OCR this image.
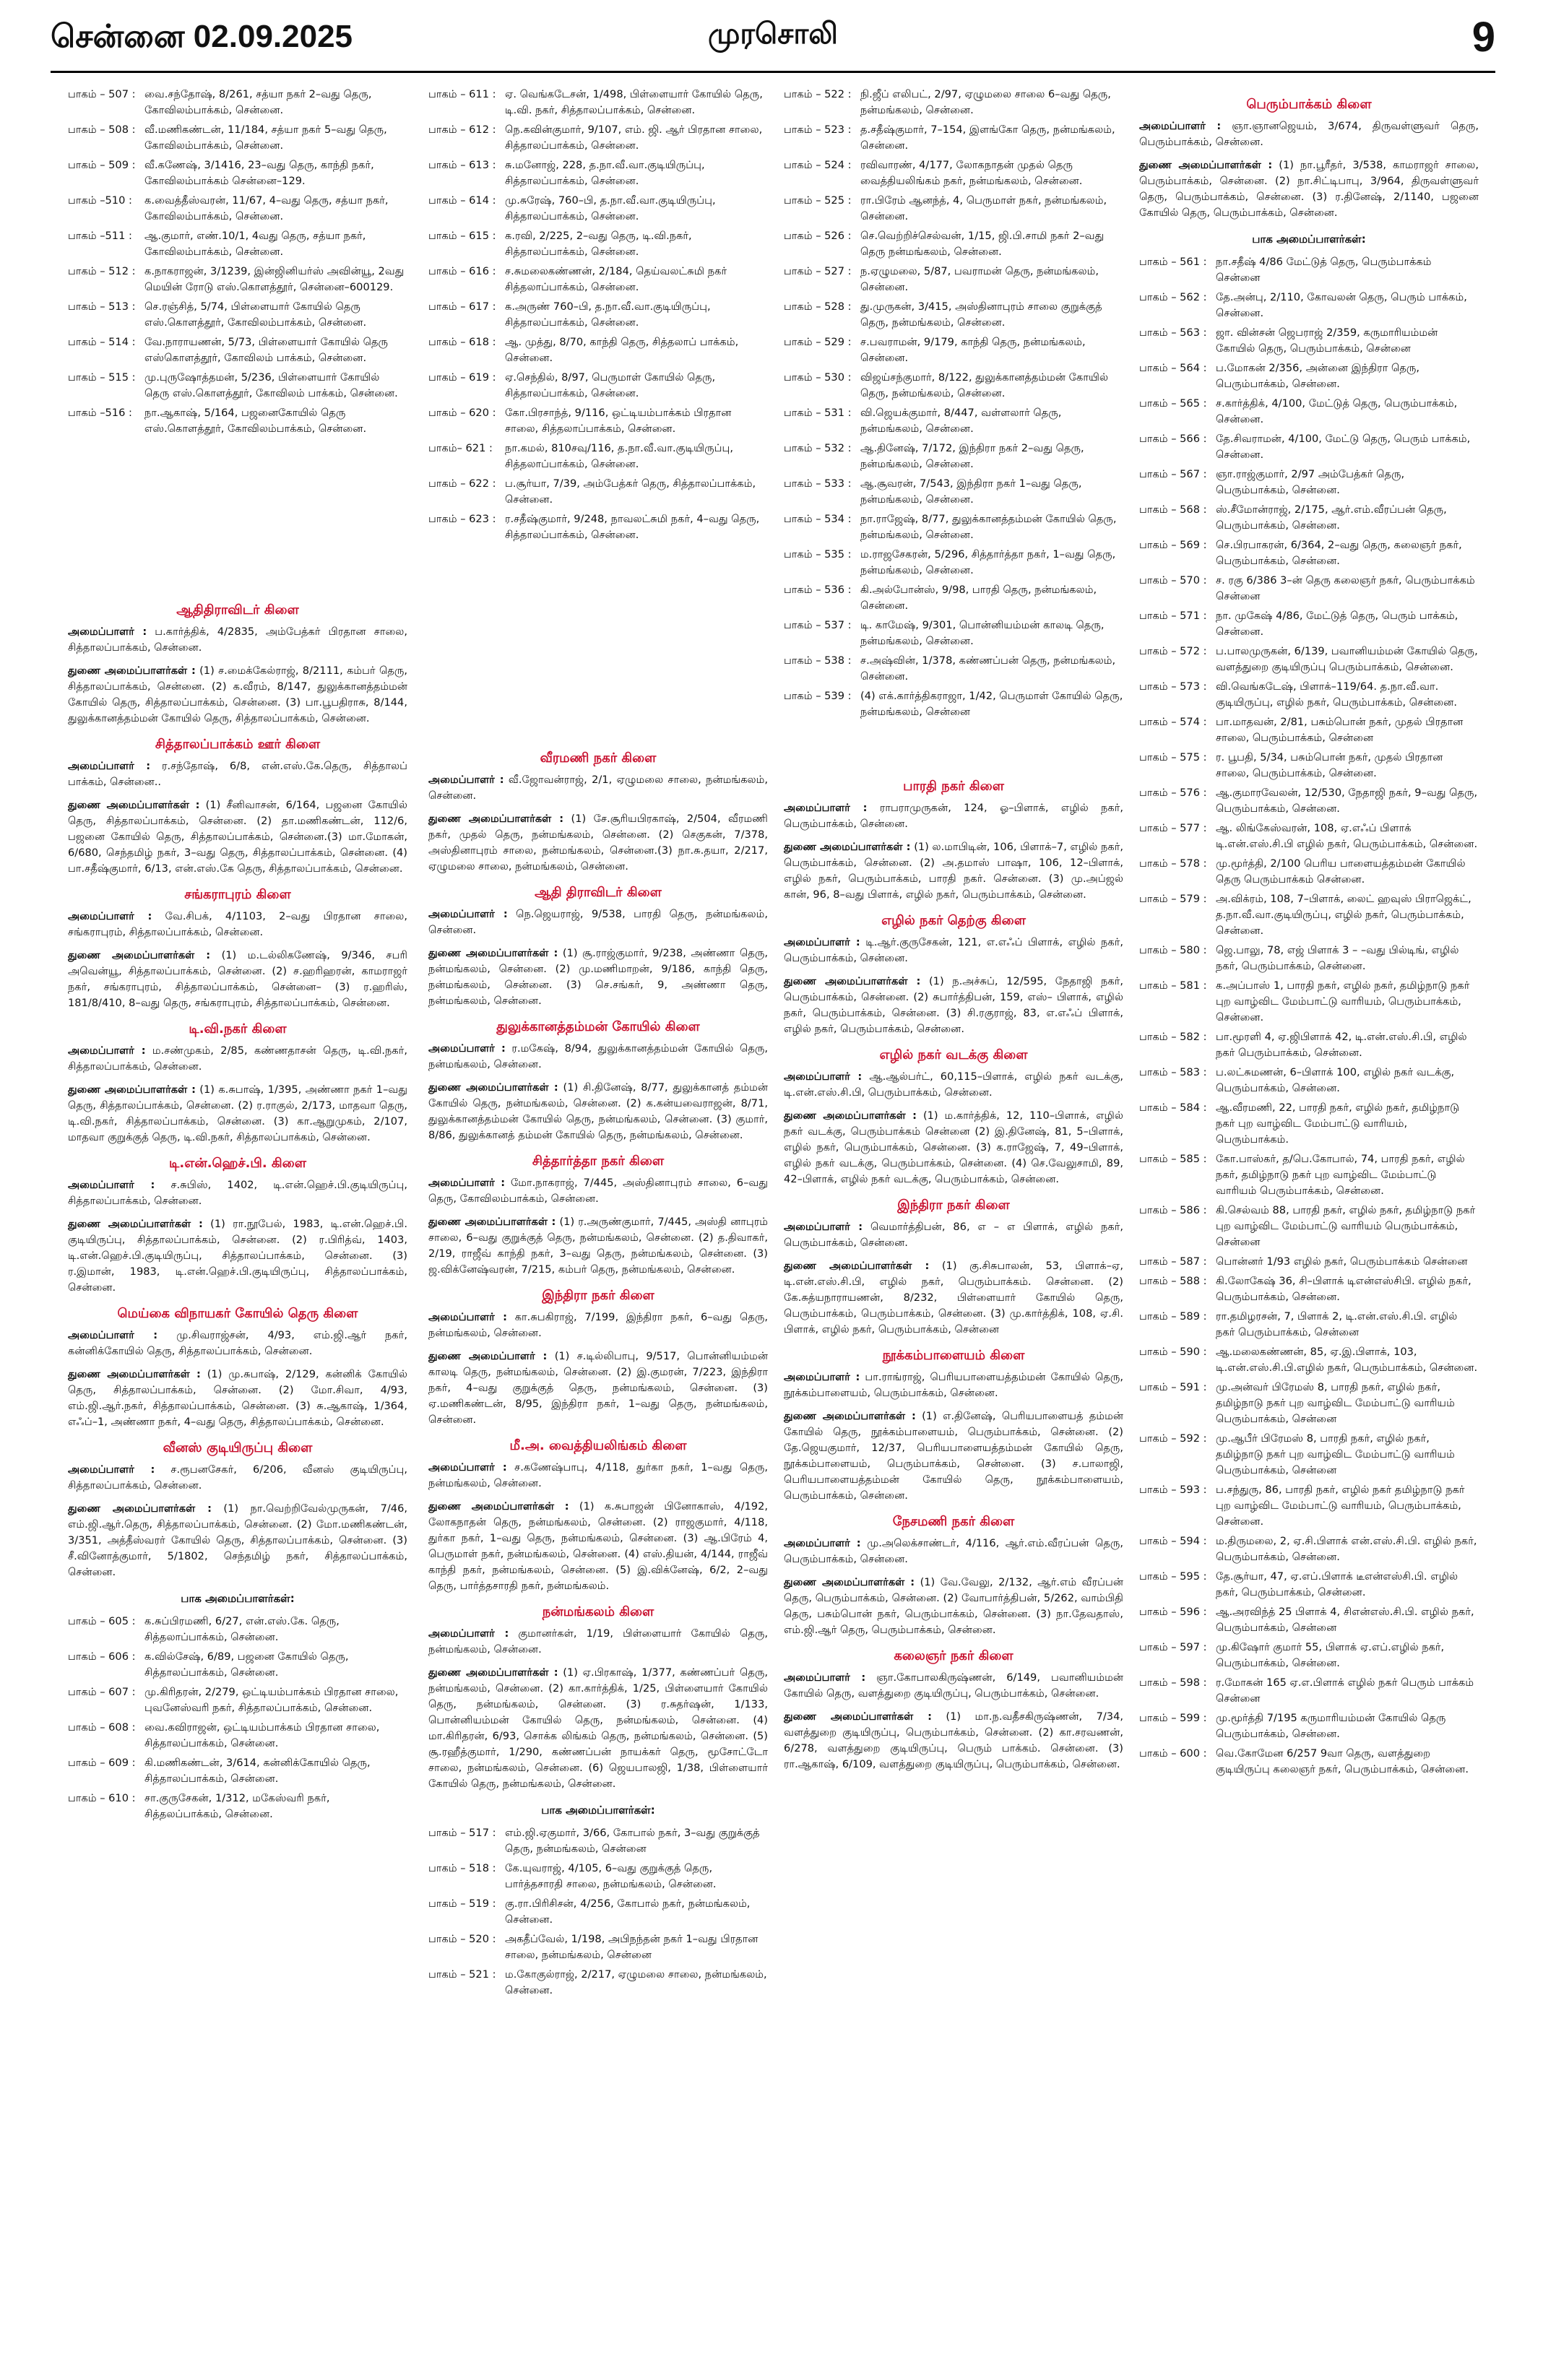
சென்னை 02.09.2025	முரசொலி	9
பாகம் – 507 : வை.சந்தோஷ், 8/261, சத்யா நகர் 2–வது தெரு, கோவிலம்பாக்கம், சென்னை.
பாகம் – 508 : வீ.மணிகண்டன், 11/184, சத்யா நகர் 5–வது தெரு, கோவிலம்பாக்கம், சென்னை.
பாகம் – 509 : வீ.கணேஷ், 3/1416, 23–வது தெரு, காந்தி நகர், கோவிலம்பாக்கம் சென்னை–129.
பாகம் –510 :	க.வைத்தீஸ்வரன், 11/67, 4–வது தெரு, சத்யா நகர், கோவிலம்பாக்கம், சென்னை.
பாகம் –511 :	ஆ.குமார், எண்.10/1, 4வது தெரு, சத்யா நகர், கோவிலம்பாக்கம், சென்னை.
பாகம் – 512 : க.நாகராஜன், 3/1239, இன்ஜினியர்ஸ் அவின்யூ, 2வது மெயின் ரோடு எஸ்.கொளத்தூர், சென்னை–600129.
பாகம் – 513 : செ.ரஞ்சித், 5/74, பிள்ளையார் கோயில் தெரு எஸ்.கொளத்தூர், கோவிலம்பாக்கம், சென்னை.
பாகம் – 514 : வே.நாராயணன், 5/73, பிள்ளையார் கோயில் தெரு எஸ்கொளத்தூர், கோவிலம் பாக்கம், சென்னை.
பாகம் – 515 : மு.புருஷோத்தமன், 5/236, பிள்ளையார் கோயில் தெரு எஸ்.கொளத்தூர், கோவிலம் பாக்கம், சென்னை.
பாகம் –516 :	நா.ஆகாஷ், 5/164, பஜனைகோயில் தெரு எஸ்.கொளத்தூர், கோவிலம்பாக்கம், சென்னை.
ஆதிதிராவிடர் கிளை
அமைப்பாளர் : ப.கார்த்திக், 4/2835, அம்பேத்கர் பிரதான சாலை, சித்தாலப்பாக்கம், சென்னை.
துணை அமைப்பாளர்கள் : (1) ச.மைக்கேல்ராஜ், 8/2111, கம்பர் தெரு, சித்தாலப்பாக்கம், சென்னை. (2) க.வீரம், 8/147, துலுக்கானத்தம்மன் கோயில் தெரு, சித்தாலப்பாக்கம், சென்னை. (3) பா.பூபதிராசு, 8/144, துலுக்கானத்தம்மன் கோயில் தெரு, சித்தாலப்பாக்கம், சென்னை.
சித்தாலப்பாக்கம் ஊர் கிளை
அமைப்பாளர் : ர.சந்தோஷ், 6/8, என்.எஸ்.கே.தெரு, சித்தாலப் பாக்கம், சென்னை..
துணை அமைப்பாளர்கள் : (1) சீனிவாசன், 6/164, பஜனை கோயில் தெரு, சித்தாலப்பாக்கம், சென்னை. (2) தா.மணிகண்டன், 112/6, பஜனை கோயில் தெரு, சித்தாலப்பாக்கம், சென்னை.(3) மா.மோகன், 6/680, செந்தமிழ் நகர், 3–வது தெரு, சித்தாலப்பாக்கம், சென்னை. (4) பா.சதீஷ்குமார், 6/13, என்.எஸ்.கே தெரு, சித்தாலப்பாக்கம், சென்னை.
சங்கராபுரம் கிளை
அமைப்பாளர் : வே.சிபக், 4/1103, 2–வது பிரதான சாலை, சங்கராபுரம், சித்தாலப்பாக்கம், சென்னை.
துணை அமைப்பாளர்கள் : (1) ம.டல்லிகணேஷ், 9/346, சபரி அவென்யூ, சித்தாலப்பாக்கம், சென்னை. (2) ச.ஹரிஹரன், காமராஜர் நகர், சங்கராபுரம், சித்தாலப்பாக்கம், சென்னை– (3) ர.ஹரிஸ், 181/8/410, 8–வது தெரு, சங்கராபுரம், சித்தாலப்பாக்கம், சென்னை.
டி.வி.நகர் கிளை
அமைப்பாளர் : ம.சண்முகம், 2/85, கண்ணதாசன் தெரு, டி.வி.நகர், சித்தாலப்பாக்கம், சென்னை.
துணை அமைப்பாளர்கள் : (1) க.சுபாஷ், 1/395, அண்ணா நகர் 1–வது தெரு, சித்தாலப்பாக்கம், சென்னை. (2) ர.ராகுல், 2/173, மாதவா தெரு, டி.வி.நகர், சித்தாலப்பாக்கம், சென்னை. (3) கா.ஆறுமுகம், 2/107, மாதவா குறுக்குத் தெரு, டி.வி.நகர், சித்தாலப்பாக்கம், சென்னை.
டி.என்.ஹெச்.பி. கிளை
அமைப்பாளர் : ச.சுபிஸ், 1402, டி.என்.ஹெச்.பி.குடியிருப்பு, சித்தாலப்பாக்கம், சென்னை.
துணை அமைப்பாளர்கள் : (1) ரா.நூபேல், 1983, டி.என்.ஹெச்.பி. குடியிருப்பு, சித்தாலப்பாக்கம், சென்னை. (2) ர.பிரித்வ், 1403, டி.என்.ஹெச்.பி.குடியிருப்பு, சித்தாலப்பாக்கம், சென்னை. (3) ர.இமான், 1983, டி.என்.ஹெச்.பி.குடியிருப்பு, சித்தாலப்பாக்கம், சென்னை.
மெய்கை விநாயகர் கோயில் தெரு கிளை
அமைப்பாளர் : மு.சிவராஜ்சன், 4/93, எம்.ஜி.ஆர் நகர், கன்னிக்கோயில் தெரு, சித்தாலப்பாக்கம், சென்னை.
துணை அமைப்பாளர்கள் : (1) மு.சுபாஷ், 2/129, கன்னிக் கோயில் தெரு, சித்தாலப்பாக்கம், சென்னை. (2) மோ.சிவா, 4/93, எம்.ஜி.ஆர்.நகர், சித்தாலப்பாக்கம், சென்னை. (3) சு.ஆகாஷ், 1/364, எஃப்–1, அண்ணா நகர், 4–வது தெரு, சித்தாலப்பாக்கம், சென்னை.
வீனஸ் குடியிருப்பு கிளை
அமைப்பாளர் : ச.ரூபனசேகர், 6/206, வீனஸ் குடியிருப்பு, சித்தாலப்பாக்கம், சென்னை.
துணை அமைப்பாளர்கள் : (1) நா.வெற்றிவேல்முருகன், 7/46, எம்.ஜி.ஆர்.தெரு, சித்தாலப்பாக்கம், சென்னை. (2) மோ.மணிகண்டன், 3/351, அத்தீஸ்வரர் கோயில் தெரு, சித்தாலப்பாக்கம், சென்னை. (3) சீ.வினோத்குமார், 5/1802, செந்தமிழ் நகர், சித்தாலப்பாக்கம், சென்னை.
பாக அமைப்பாளர்கள்:
பாகம் – 605 : க.சுப்பிரமணி, 6/27, என்.எஸ்.கே. தெரு, சித்தலாப்பாக்கம், சென்னை.
பாகம் – 606 : க.வில்சேஷ், 6/89, பஜனை கோயில் தெரு, சித்தாலப்பாக்கம், சென்னை.
பாகம் – 607 : மு.கிரிதரன், 2/279, ஒட்டியம்பாக்கம் பிரதான சாலை, புவனேஸ்வரி நகர், சித்தாலப்பாக்கம், சென்னை.
பாகம் – 608 : வை.கவிராஜன், ஒட்டியம்பாக்கம் பிரதான சாலை, சித்தாலப்பாக்கம், சென்னை.
பாகம் – 609 : கி.மணிகண்டன், 3/614, கன்னிக்கோயில் தெரு, சித்தாலப்பாக்கம், சென்னை.
பாகம் – 610 : சா.குருசேகன், 1/312, மகேஸ்வரி நகர், சித்தலப்பாக்கம், சென்னை.
பாகம் – 611 : ஏ. வெங்கடேசன், 1/498, பிள்ளையார் கோயில் தெரு, டி.வி. நகர், சித்தாலப்பாக்கம், சென்னை.
பாகம் – 612 : நெ.கவின்குமார், 9/107, எம். ஜி. ஆர் பிரதான சாலை, சித்தாலப்பாக்கம், சென்னை.
பாகம் – 613 : சு.மனோஜ், 228, த.நா.வீ.வா.குடியிருப்பு, சித்தாலப்பாக்கம், சென்னை.
பாகம் – 614 : மு.சுரேஷ், 760–பி, த.நா.வீ.வா.குடியிருப்பு, சித்தாலப்பாக்கம், சென்னை.
பாகம் – 615 : க.ரவி, 2/225, 2–வது தெரு, டி.வி.நகர், சித்தாலப்பாக்கம், சென்னை.
பாகம் – 616 : ச.சுமலைகண்ணன், 2/184, தெய்வலட்சுமி நகர் சித்தலாப்பாக்கம், சென்னை.
பாகம் – 617 : க.அருண் 760–பி, த.நா.வீ.வா.குடியிருப்பு, சித்தாலப்பாக்கம், சென்னை.
பாகம் – 618 : ஆ. முத்து, 8/70, காந்தி தெரு, சித்தலாப் பாக்கம், சென்னை.
பாகம் – 619 : ஏ.செந்தில், 8/97, பெருமாள் கோயில் தெரு, சித்தாலப்பாக்கம், சென்னை.
பாகம் – 620 : கோ.பிரசாந்த், 9/116, ஒட்டியம்பாக்கம் பிரதான சாலை, சித்தலாப்பாக்கம், சென்னை.
பாகம்– 621 :	நா.கமல், 810சவு/116, த.நா.வீ.வா.குடியிருப்பு, சித்தலாப்பாக்கம், சென்னை.
பாகம் – 622 : ப.சூர்யா, 7/39, அம்பேத்கர் தெரு, சித்தாலப்பாக்கம், சென்னை.
பாகம் – 623 : ர.சதீஷ்குமார், 9/248, நாவலட்சுமி நகர், 4–வது தெரு, சித்தாலப்பாக்கம், சென்னை.
வீரமணி நகர் கிளை
அமைப்பாளர் : வீ.ஜோவன்ராஜ், 2/1, ஏழுமலை சாலை, நன்மங்கலம், சென்னை.
துணை அமைப்பாளர்கள் : (1) சே.சூரியபிரகாஷ், 2/504, வீரமணி நகர், முதல் தெரு, நன்மங்கலம், சென்னை. (2) செகுகன், 7/378, அஸ்தினாபுரம் சாலை, நன்மங்கலம், சென்னை.(3) நா.சு.தயா, 2/217, ஏழுமலை சாலை, நன்மங்கலம், சென்னை.
ஆதி திராவிடர் கிளை
அமைப்பாளர் : நெ.ஜெயராஜ், 9/538, பாரதி தெரு, நன்மங்கலம், சென்னை.
துணை அமைப்பாளர்கள் : (1) சூ.ராஜ்குமார், 9/238, அண்ணா தெரு, நன்மங்கலம், சென்னை. (2) மு.மணிமாறன், 9/186, காந்தி தெரு, நன்மங்கலம், சென்னை. (3) செ.சங்கர், 9, அண்ணா தெரு, நன்மங்கலம், சென்னை.
துலுக்கானத்தம்மன் கோயில் கிளை
அமைப்பாளர் : ர.மகேஷ், 8/94, துலுக்கானத்தம்மன் கோயில் தெரு, நன்மங்கலம், சென்னை.
துணை அமைப்பாளர்கள் : (1) சி.தினேஷ், 8/77, துலுக்கானத் தம்மன் கோயில் தெரு, நன்மங்கலம், சென்னை. (2) க.கன்யவைராஜன், 8/71, துலுக்கானத்தம்மன் கோயில் தெரு, நன்மங்கலம், சென்னை. (3) குமார், 8/86, துலுக்கானத் தம்மன் கோயில் தெரு, நன்மங்கலம், சென்னை.
சித்தார்த்தா நகர் கிளை
அமைப்பாளர் : மோ.நாகராஜ், 7/445, அஸ்தினாபுரம் சாலை, 6–வது தெரு, கோவிலம்பாக்கம், சென்னை.
துணை அமைப்பாளர்கள் : (1) ர.அருண்குமார், 7/445, அஸ்தி னாபுரம் சாலை, 6–வது குறுக்குத் தெரு, நன்மங்கலம், சென்னை. (2) த.திவாகர், 2/19, ராஜீவ் காந்தி நகர், 3–வது தெரு, நன்மங்கலம், சென்னை. (3) ஜ.விக்னேஷ்வரன், 7/215, கம்பர் தெரு, நன்மங்கலம், சென்னை.
இந்திரா நகர் கிளை
அமைப்பாளர் : கா.சுபகிராஜ், 7/199, இந்திரா நகர், 6–வது தெரு, நன்மங்கலம், சென்னை.
துணை அமைப்பாளர் : (1) ச.டில்லிபாபு, 9/517, பொன்னியம்மன் காலடி தெரு, நன்மங்கலம், சென்னை. (2) இ.குமரன், 7/223, இந்திரா நகர், 4–வது குறுக்குத் தெரு, நன்மங்கலம், சென்னை. (3) ஏ.மணிகண்டன், 8/95, இந்திரா நகர், 1–வது தெரு, நன்மங்கலம், சென்னை.
மீ.அ. வைத்தியலிங்கம் கிளை
அமைப்பாளர் : ச.கணேஷ்பாபு, 4/118, துர்கா நகர், 1–வது தெரு, நன்மங்கலம், சென்னை.
துணை அமைப்பாளர்கள் : (1) க.சுபாஜன் பினோகாஸ், 4/192, லோகநாதன் தெரு, நன்மங்கலம், சென்னை. (2) ராஜகுமார், 4/118, துர்கா நகர், 1–வது தெரு, நன்மங்கலம், சென்னை. (3) ஆ.பிரேம் 4, பெருமாள் நகர், நன்மங்கலம், சென்னை. (4) எஸ்.தியன், 4/144, ராஜீவ் காந்தி நகர், நன்மங்கலம், சென்னை. (5) இ.விக்னேஷ், 6/2, 2–வது தெரு, பார்த்தசாரதி நகர், நன்மங்கலம்.
நன்மங்கலம் கிளை
அமைப்பாளர் : குமானர்கள், 1/19, பிள்ளையார் கோயில் தெரு, நன்மங்கலம், சென்னை.
துணை அமைப்பாளர்கள் : (1) ஏ.பிரகாஷ், 1/377, கண்ணப்பர் தெரு, நன்மங்கலம், சென்னை. (2) கா.கார்த்திக், 1/25, பிள்ளையார் கோயில் தெரு, நன்மங்கலம், சென்னை. (3) ர.சுதர்ஷன், 1/133, பொன்னியம்மன் கோயில் தெரு, நன்மங்கலம், சென்னை. (4) மா.கிரிதரன், 6/93, சொக்க லிங்கம் தெரு, நன்மங்கலம், சென்னை. (5) சூ.ரஹீத்குமார், 1/290, கண்ணப்பன் நாயக்கர் தெரு, மூசோட்டோ சாலை, நன்மங்கலம், சென்னை. (6) ஜெயபாலஜி, 1/38, பிள்ளையார் கோயில் தெரு, நன்மங்கலம், சென்னை.
பாக அமைப்பாளர்கள்:
பாகம் – 517 : எம்.ஜி.ஏகுமார், 3/66, கோபால் நகர், 3–வது குறுக்குத் தெரு, நன்மங்கலம், சென்னை
பாகம் – 518 : கே.யுவராஜ், 4/105, 6–வது குறுக்குத் தெரு, பார்த்தசாரதி சாலை, நன்மங்கலம், சென்னை.
பாகம் – 519 : கு.ரா.பிரிசிசன், 4/256, கோபால் நகர், நன்மங்கலம், சென்னை.
பாகம் – 520 : அகதீப்வேல், 1/198, அபிநந்தன் நகர் 1–வது பிரதான சாலை, நன்மங்கலம், சென்னை
பாகம் – 521 : ம.கோகுல்ராஜ், 2/217, ஏழுமலை சாலை, நன்மங்கலம், சென்னை.
பாகம் – 522 : நி.ஜீப் எலிபட், 2/97, ஏழுமலை சாலை 6–வது தெரு, நன்மங்கலம், சென்னை.
பாகம் – 523 : த.சதீஷ்குமார், 7–154, இளங்கோ தெரு, நன்மங்கலம், சென்னை.
பாகம் – 524 : ரவிவாரண், 4/177, லோகநாதன் முதல் தெரு வைத்தியலிங்கம் நகர், நன்மங்கலம், சென்னை.
பாகம் – 525 : ரா.பிரேம் ஆனந்த், 4, பெருமாள் நகர், நன்மங்கலம், சென்னை.
பாகம் – 526 : செ.வெற்றிச்செல்வன், 1/15, ஜி.பி.சாமி நகர் 2–வது தெரு நன்மங்கலம், சென்னை.
பாகம் – 527 : ந.ஏழுமலை, 5/87, பவராமன் தெரு, நன்மங்கலம், சென்னை.
பாகம் – 528 : து.முருகன், 3/415, அஸ்தினாபுரம் சாலை குறுக்குத் தெரு, நன்மங்கலம், சென்னை.
பாகம் – 529 : ச.பவராமன், 9/179, காந்தி தெரு, நன்மங்கலம், சென்னை.
பாகம் – 530 : விஜய்சந்குமார், 8/122, துலுக்கானத்தம்மன் கோயில் தெரு, நன்மங்கலம், சென்னை.
பாகம் – 531 : வி.ஜெயக்குமார், 8/447, வள்ளலார் தெரு, நன்மங்கலம், சென்னை.
பாகம் – 532 : ஆ.தினேஷ், 7/172, இந்திரா நகர் 2–வது தெரு, நன்மங்கலம், சென்னை.
பாகம் – 533 : ஆ.சூவரன், 7/543, இந்திரா நகர் 1–வது தெரு, நன்மங்கலம், சென்னை.
பாகம் – 534 : நா.ராஜேஷ், 8/77, துலுக்கானத்தம்மன் கோயில் தெரு, நன்மங்கலம், சென்னை.
பாகம் – 535 : ம.ராஜசேகரன், 5/296, சித்தார்த்தா நகர், 1–வது தெரு, நன்மங்கலம், சென்னை.
பாகம் – 536 : கி.அல்போன்ஸ், 9/98, பாரதி தெரு, நன்மங்கலம், சென்னை.
பாகம் – 537 : டி. காமேஷ், 9/301, பொன்னியம்மன் காலடி தெரு, நன்மங்கலம், சென்னை.
பாகம் – 538 : ச.அஷ்வின், 1/378, கண்ணப்பன் தெரு, நன்மங்கலம், சென்னை.
பாகம் – 539 : (4) எக்.கார்த்திகராஜா, 1/42, பெருமாள் கோயில் தெரு, நன்மங்கலம், சென்னை
பாரதி நகர் கிளை
அமைப்பாளர் : ராபராமுருகன், 124, ஓ–பிளாக், எழில் நகர், பெரும்பாக்கம், சென்னை.
துணை அமைப்பாளர்கள் : (1) ல.மாபிடின், 106, பிளாக்–7, எழில் நகர், பெரும்பாக்கம், சென்னை. (2) அ.தமாஸ் பாஷா, 106, 12–பிளாக், எழில் நகர், பெரும்பாக்கம், பாரதி நகர். சென்னை. (3) மு.அப்ஜல் கான், 96, 8–வது பிளாக், எழில் நகர், பெரும்பாக்கம், சென்னை.
எழில் நகர் தெற்கு கிளை
அமைப்பாளர் : டி.ஆர்.குருசேகன், 121, எ.எஃப் பிளாக், எழில் நகர், பெரும்பாக்கம், சென்னை.
துணை அமைப்பாளர்கள் : (1) ந.அச்சுப், 12/595, நேதாஜி நகர், பெரும்பாக்கம், சென்னை. (2) சுபார்த்திபன், 159, எஸ்– பிளாக், எழில் நகர், பெரும்பாக்கம், சென்னை. (3) சி.ரகுராஜ், 83, எ.எஃப் பிளாக், எழில் நகர், பெரும்பாக்கம், சென்னை.
எழில் நகர் வடக்கு கிளை
அமைப்பாளர் : ஆ.ஆல்பர்ட், 60,115–பிளாக், எழில் நகர் வடக்கு, டி.என்.எஸ்.சி.பி, பெரும்பாக்கம், சென்னை.
துணை அமைப்பாளர்கள் : (1) ம.கார்த்திக், 12, 110–பிளாக், எழில் நகர் வடக்கு, பெரும்பாக்கம் சென்னை (2) இ.தினேஷ், 81, 5–பிளாக், எழில் நகர், பெரும்பாக்கம், சென்னை. (3) க.ராஜேஷ், 7, 49–பிளாக், எழில் நகர் வடக்கு, பெரும்பாக்கம், சென்னை. (4) செ.வேலுசாமி, 89, 42–பிளாக், எழில் நகர் வடக்கு, பெரும்பாக்கம், சென்னை.
இந்திரா நகர் கிளை
அமைப்பாளர் : வெமார்த்திபன், 86, எ – எ பிளாக், எழில் நகர், பெரும்பாக்கம், சென்னை.
துணை அமைப்பாளர்கள் : (1) கு.சிசுபாலன், 53, பிளாக்–ஏ, டி.என்.எஸ்.சி.பி, எழில் நகர், பெரும்பாக்கம். சென்னை. (2) கே.சுத்யநாராயணன், 8/232, பிள்ளையார் கோயில் தெரு, பெரும்பாக்கம், பெரும்பாக்கம், சென்னை. (3) மு.கார்த்திக், 108, ஏ.சி. பிளாக், எழில் நகர், பெரும்பாக்கம், சென்னை
நூக்கம்பாளையம் கிளை
அமைப்பாளர் : பா.ராங்ராஜ், பெரியபாளையத்தம்மன் கோயில் தெரு, நூக்கம்பாளையம், பெரும்பாக்கம், சென்னை.
துணை அமைப்பாளர்கள் : (1) எ.தினேஷ், பெரியபாளையத் தம்மன் கோயில் தெரு, நூக்கம்பாளையம், பெரும்பாக்கம், சென்னை. (2) தே.ஜெயகுமார், 12/37, பெரியபாளையத்தம்மன் கோயில் தெரு, நூக்கம்பாளையம், பெரும்பாக்கம், சென்னை. (3) ச.பாலாஜி, பெரியபாளையத்தம்மன் கோயில் தெரு, நூக்கம்பாளையம், பெரும்பாக்கம், சென்னை.
நேசமணி நகர் கிளை
அமைப்பாளர் : மு.அலெக்சாண்டர், 4/116, ஆர்.எம்.வீரப்பன் தெரு, பெரும்பாக்கம், சென்னை.
துணை அமைப்பாளர்கள் : (1) வே.வேலு, 2/132, ஆர்.எம் வீரப்பன் தெரு, பெரும்பாக்கம், சென்னை. (2) வோபார்த்திபன், 5/262, வாம்பிதி தெரு, பசும்பொன் நகர், பெரும்பாக்கம், சென்னை. (3) நா.தேவதாஸ், எம்.ஜி.ஆர் தெரு, பெரும்பாக்கம், சென்னை.
கலைஞர் நகர் கிளை
அமைப்பாளர் : ஞா.கோபாலகிருஷ்ணன், 6/149, பவானியம்மன் கோயில் தெரு, வளத்துறை குடியிருப்பு, பெரும்பாக்கம், சென்னை.
துணை அமைப்பாளர்கள் : (1) மா.ந.வதீசகிருஷ்ணன், 7/34, வளத்துறை குடியிருப்பு, பெரும்பாக்கம், சென்னை. (2) கா.சரவணன், 6/278, வளத்துறை குடியிருப்பு, பெரும் பாக்கம். சென்னை. (3) ரா.ஆகாஷ், 6/109, வளத்துறை குடியிருப்பு, பெரும்பாக்கம், சென்னை.
பெரும்பாக்கம் கிளை
அமைப்பாளர் : ஞா.ஞானஜெயம், 3/674, திருவள்ளுவர் தெரு, பெரும்பாக்கம், சென்னை.
துணை அமைப்பாளர்கள் : (1) நா.பூரீதர், 3/538, காமராஜர் சாலை, பெரும்பாக்கம், சென்னை. (2) நா.சிட்டிபாபு, 3/964, திருவள்ளுவர் தெரு, பெரும்பாக்கம், சென்னை. (3) ர.தினேஷ், 2/1140, பஜனை கோயில் தெரு, பெரும்பாக்கம், சென்னை.
பாக அமைப்பாளர்கள்:
பாகம் – 561 : நா.சதீஷ் 4/86 மேட்டுத் தெரு, பெரும்பாக்கம் சென்னை
பாகம் – 562 : தே.அன்பு, 2/110, கோவலன் தெரு, பெரும் பாக்கம், சென்னை.
பாகம் – 563 : ஜா. வின்சன் ஜெபராஜ் 2/359, கருமாரியம்மன் கோயில் தெரு, பெரும்பாக்கம், சென்னை
பாகம் – 564 : ப.மோகன் 2/356, அன்னை இந்திரா தெரு, பெரும்பாக்கம், சென்னை.
பாகம் – 565 : ச.கார்த்திக், 4/100, மேட்டுத் தெரு, பெரும்பாக்கம், சென்னை.
பாகம் – 566 : தே.சிவராமன், 4/100, மேட்டு தெரு, பெரும் பாக்கம், சென்னை.
பாகம் – 567 : ஞா.ராஜ்குமார், 2/97 அம்பேத்கர் தெரு, பெரும்பாக்கம், சென்னை.
பாகம் – 568 : ஸ்.சீமோன்ராஜ், 2/175, ஆர்.எம்.வீரப்பன் தெரு, பெரும்பாக்கம், சென்னை.
பாகம் – 569 : செ.பிரபாகரன், 6/364, 2–வது தெரு, கலைஞர் நகர், பெரும்பாக்கம், சென்னை.
பாகம் – 570 : ச. ரகு 6/386 3–ன் தெரு கலைஞர் நகர், பெரும்பாக்கம் சென்னை
பாகம் – 571 : நா. முகேஷ் 4/86, மேட்டுத் தெரு, பெரும் பாக்கம், சென்னை.
பாகம் – 572 : ப.பாலமுருகன், 6/139, பவானியம்மன் கோயில் தெரு, வளத்துறை குடியிருப்பு பெரும்பாக்கம், சென்னை.
பாகம் – 573 : வி.வெங்கடேஷ், பிளாக்–119/64. த.நா.வீ.வா. குடியிருப்பு, எழில் நகர், பெரும்பாக்கம், சென்னை.
பாகம் – 574 : பா.மாதவன், 2/81, பசும்பொன் நகர், முதல் பிரதான சாலை, பெரும்பாக்கம், சென்னை
பாகம் – 575 : ர. பூபதி, 5/34, பசும்பொன் நகர், முதல் பிரதான சாலை, பெரும்பாக்கம், சென்னை.
பாகம் – 576 : ஆ.குமாரவேலன், 12/530, நேதாஜி நகர், 9–வது தெரு, பெரும்பாக்கம், சென்னை.
பாகம் – 577 : ஆ. லிங்கேஸ்வரன், 108, ஏ.எஃப் பிளாக் டி.என்.எஸ்.சி.பி எழில் நகர், பெரும்பாக்கம், சென்னை.
பாகம் – 578 : மு.மூர்த்தி, 2/100 பெரிய பாளையத்தம்மன் கோயில் தெரு பெரும்பாக்கம் சென்னை.
பாகம் – 579 : அ.விக்ரம், 108, 7–பிளாக், லைட் ஹவுஸ் பிராஜெக்ட், த.நா.வீ.வா.குடியிருப்பு, எழில் நகர், பெரும்பாக்கம், சென்னை.
பாகம் – 580 : ஜெ.பாலு, 78, எஜ் பிளாக் 3 – –வது பில்டிங், எழில் நகர், பெரும்பாக்கம், சென்னை.
பாகம் – 581 : க.அப்பாஸ் 1, பாரதி நகர், எழில் நகர், தமிழ்நாடு நகர் புற வாழ்விட மேம்பாட்டு வாரியம், பெரும்பாக்கம், சென்னை.
பாகம் – 582 : பா.மூரளி 4, ஏ.ஜிபிளாக் 42, டி.என்.எஸ்.சி.பி, எழில் நகர் பெரும்பாக்கம், சென்னை.
பாகம் – 583 : ப.லட்சுமணன், 6–பிளாக் 100, எழில் நகர் வடக்கு, பெரும்பாக்கம், சென்னை.
பாகம் – 584 : ஆ.வீரமணி, 22, பாரதி நகர், எழில் நகர், தமிழ்நாடு நகர் புற வாழ்விட மேம்பாட்டு வாரியம், பெரும்பாக்கம்.
பாகம் – 585 : கோ.பாஸ்கர், த/பெ.கோபால், 74, பாரதி நகர், எழில் நகர், தமிழ்நாடு நகர் புற வாழ்விட மேம்பாட்டு வாரியம் பெரும்பாக்கம், சென்னை.
பாகம் – 586 : கி.செல்வம் 88, பாரதி நகர், எழில் நகர், தமிழ்நாடு நகர் புற வாழ்விட மேம்பாட்டு வாரியம் பெரும்பாக்கம், சென்னை
பாகம் – 587 : பொன்னர் 1/93 எழில் நகர், பெரும்பாக்கம் சென்னை
பாகம் – 588 : கி.லோகேஷ் 36, சி–பிளாக் டிஎன்எஸ்சிபி. எழில் நகர், பெரும்பாக்கம், சென்னை.
பாகம் – 589 : ரா.தமிழரசன், 7, பிளாக் 2, டி.என்.எஸ்.சி.பி. எழில் நகர் பெரும்பாக்கம், சென்னை
பாகம் – 590 : ஆ.மலைகண்ணன், 85, ஏ.இ.பிளாக், 103, டி.என்.எஸ்.சி.பி.எழில் நகர், பெரும்பாக்கம், சென்னை.
பாகம் – 591 : மு.அன்வர் பிரேமஸ் 8, பாரதி நகர், எழில் நகர், தமிழ்நாடு நகர் புற வாழ்விட மேம்பாட்டு வாரியம் பெரும்பாக்கம், சென்னை
பாகம் – 592 : மு.ஆபீர் பிரேமஸ் 8, பாரதி நகர், எழில் நகர், தமிழ்நாடு நகர் புற வாழ்விட மேம்பாட்டு வாரியம் பெரும்பாக்கம், சென்னை
பாகம் – 593 : ப.சந்துரு, 86, பாரதி நகர், எழில் நகர் தமிழ்நாடு நகர் புற வாழ்விட மேம்பாட்டு வாரியம், பெரும்பாக்கம், சென்னை.
பாகம் – 594 : ம.திருமலை, 2, ஏ.சி.பிளாக் என்.எஸ்.சி.பி. எழில் நகர், பெரும்பாக்கம், சென்னை.
பாகம் – 595 : தே.சூர்யா, 47, ஏ.எப்.பிளாக் டீஎன்எஸ்சி.பி. எழில் நகர், பெரும்பாக்கம், சென்னை.
பாகம் – 596 : ஆ.அரவிந்த் 25 பிளாக் 4, சிஎன்எஸ்.சி.பி. எழில் நகர், பெரும்பாக்கம், சென்னை
பாகம் – 597 : மு.கிஷோர் குமார் 55, பிளாக் ஏ.எப்.எழில் நகர், பெரும்பாக்கம், சென்னை.
பாகம் – 598 : ர.மோகன் 165 ஏ.எ.பிளாக் எழில் நகர் பெரும் பாக்கம் சென்னை
பாகம் – 599 : மு.மூர்த்தி 7/195 கருமாரியம்மன் கோயில் தெரு பெரும்பாக்கம், சென்னை.
பாகம் – 600 : வெ.கோமேன 6/257 9வா தெரு, வளத்துறை குடியிருப்பு கலைஞர் நகர், பெரும்பாக்கம், சென்னை.
